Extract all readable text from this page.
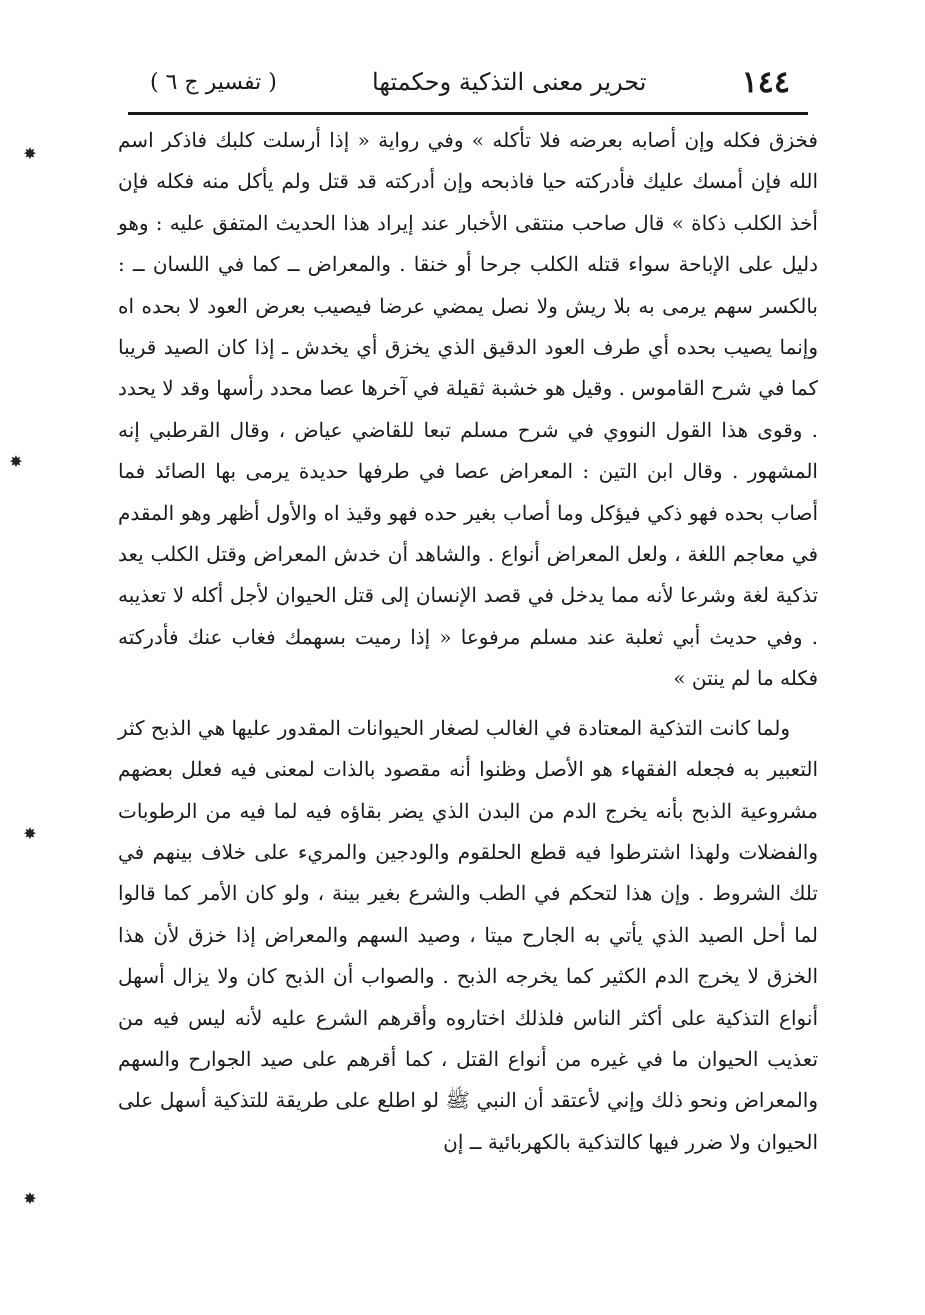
١٤٤
تحرير معنى التذكية وحكمتها
( تفسير ج ٦ )

فخزق فكله وإن أصابه بعرضه فلا تأكله » وفي رواية « إذا أرسلت كلبك فاذكر اسم الله فإن أمسك عليك فأدركته حيا فاذبحه وإن أدركته قد قتل ولم يأكل منه فكله فإن أخذ الكلب ذكاة » قال صاحب منتقى الأخبار عند إيراد هذا الحديث المتفق عليه : وهو دليل على الإباحة سواء قتله الكلب جرحا أو خنقا . والمعراض ــ كما في اللسان ــ : بالكسر سهم يرمى به بلا ريش ولا نصل يمضي عرضا فيصيب بعرض العود لا بحده اه وإنما يصيب بحده أي طرف العود الدقيق الذي يخزق أي يخدش ـ إذا كان الصيد قريبا كما في شرح القاموس . وقيل هو خشبة ثقيلة في آخرها عصا محدد رأسها وقد لا يحدد . وقوى هذا القول النووي في شرح مسلم تبعا للقاضي عياض ، وقال القرطبي إنه المشهور . وقال ابن التين : المعراض عصا في طرفها حديدة يرمى بها الصائد فما أصاب بحده فهو ذكي فيؤكل وما أصاب بغير حده فهو وقيذ اه والأول أظهر وهو المقدم في معاجم اللغة ، ولعل المعراض أنواع . والشاهد أن خدش المعراض وقتل الكلب يعد تذكية لغة وشرعا لأنه مما يدخل في قصد الإنسان إلى قتل الحيوان لأجل أكله لا تعذيبه . وفي حديث أبي ثعلبة عند مسلم مرفوعا « إذا رميت بسهمك فغاب عنك فأدركته فكله ما لم ينتن »

ولما كانت التذكية المعتادة في الغالب لصغار الحيوانات المقدور عليها هي الذبح كثر التعبير به فجعله الفقهاء هو الأصل وظنوا أنه مقصود بالذات لمعنى فيه فعلل بعضهم مشروعية الذبح بأنه يخرج الدم من البدن الذي يضر بقاؤه فيه لما فيه من الرطوبات والفضلات ولهذا اشترطوا فيه قطع الحلقوم والودجين والمريء على خلاف بينهم في تلك الشروط . وإن هذا لتحكم في الطب والشرع بغير بينة ، ولو كان الأمر كما قالوا لما أحل الصيد الذي يأتي به الجارح ميتا ، وصيد السهم والمعراض إذا خزق لأن هذا الخزق لا يخرج الدم الكثير كما يخرجه الذبح . والصواب أن الذبح كان ولا يزال أسهل أنواع التذكية على أكثر الناس فلذلك اختاروه وأقرهم الشرع عليه لأنه ليس فيه من تعذيب الحيوان ما في غيره من أنواع القتل ، كما أقرهم على صيد الجوارح والسهم والمعراض ونحو ذلك وإني لأعتقد أن النبي ﷺ لو اطلع على طريقة للتذكية أسهل على الحيوان ولا ضرر فيها كالتذكية بالكهربائية ــ إن

✸
✸
✸
✸
